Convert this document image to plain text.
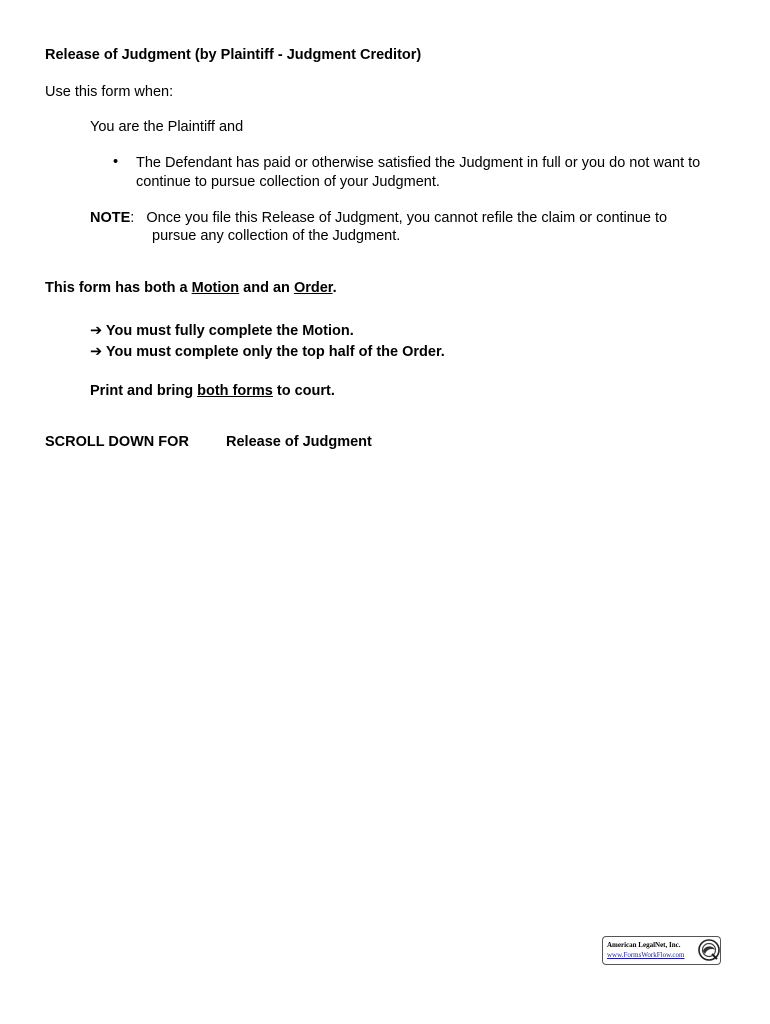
Release of Judgment (by Plaintiff - Judgment Creditor)
Use this form when:
You are the Plaintiff and
• The Defendant has paid or otherwise satisfied the Judgment in full or you do not want to
continue to pursue collection of your Judgment.
NOTE: Once you file this Release of Judgment, you cannot refile the claim or continue to
pursue any collection of the Judgment.
This form has both a Motion and an Order.
➔ You must fully complete the Motion.
➔ You must complete only the top half of the Order.
Print and bring both forms to court.
SCROLL DOWN FOR	Release of Judgment
American LegalNet, Inc.
www.FormsWorkFlow.com
